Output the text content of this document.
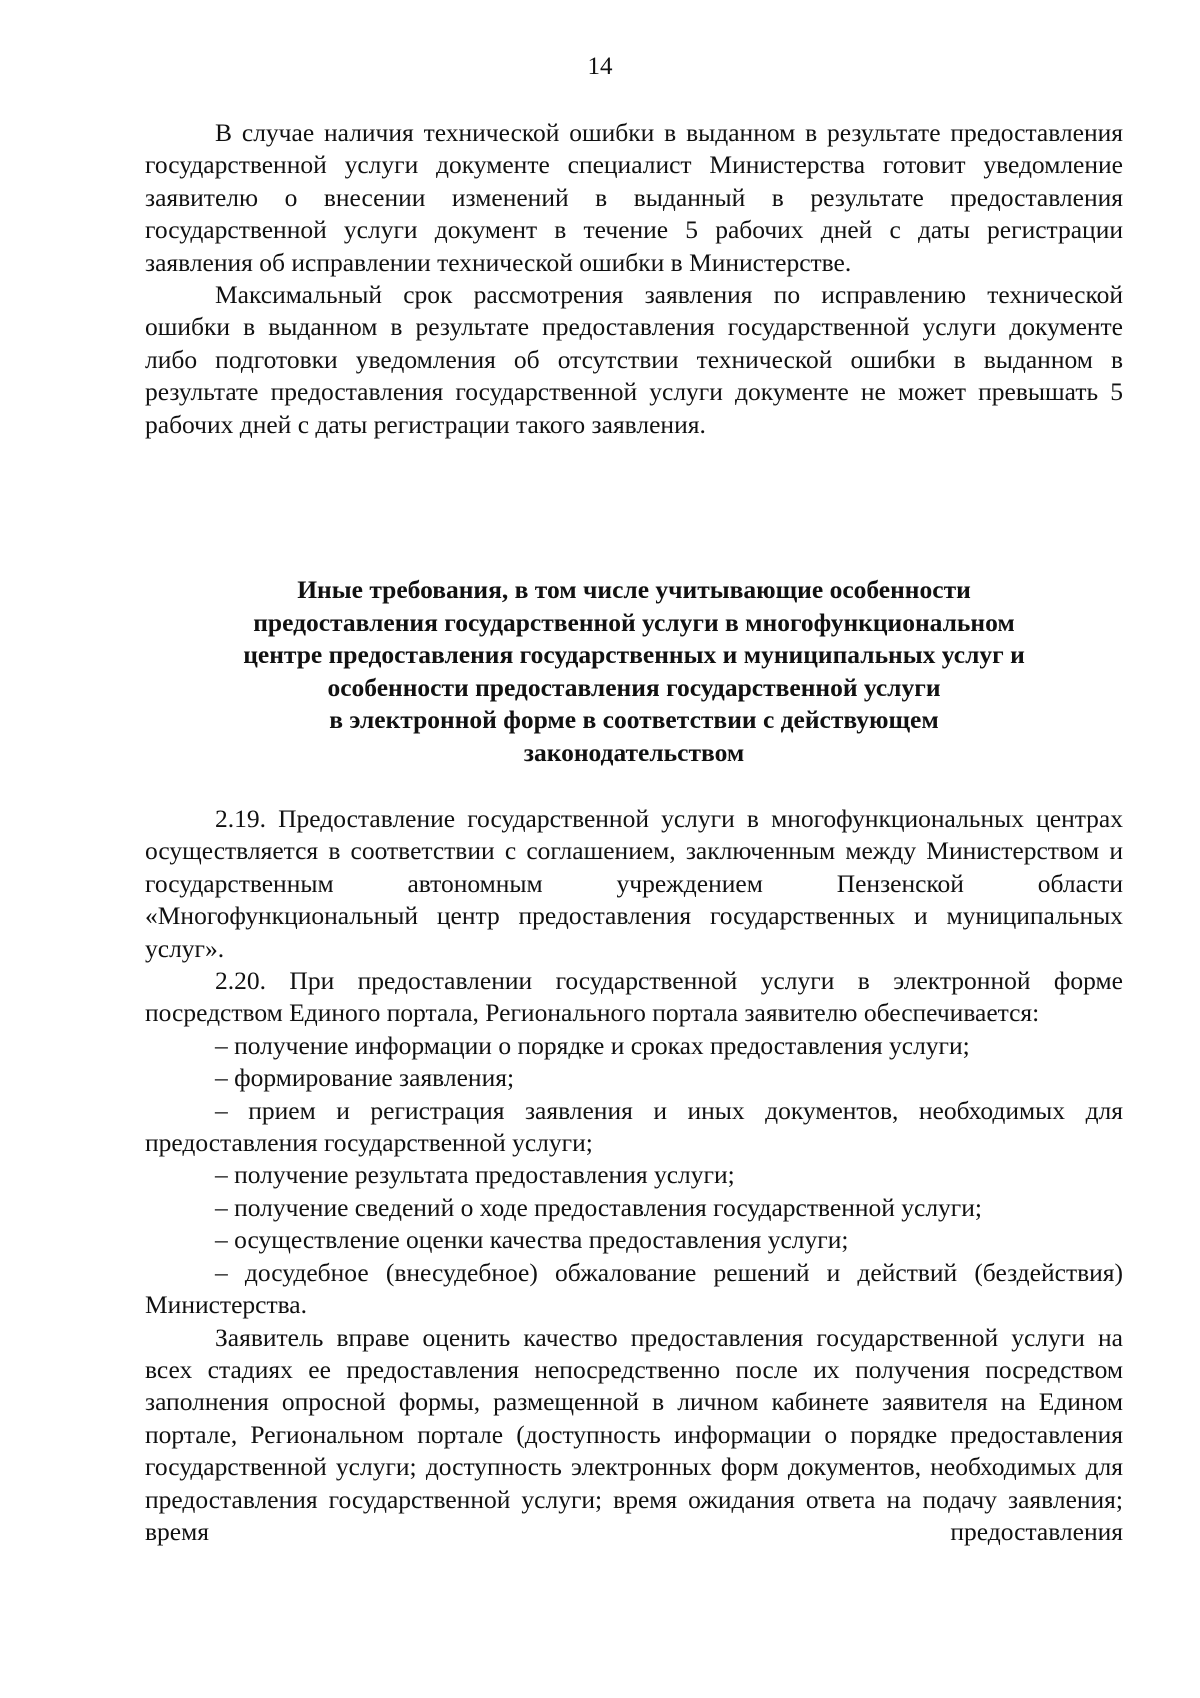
14

В случае наличия технической ошибки в выданном в результате предоставления государственной услуги документе специалист Министерства готовит уведомление заявителю о внесении изменений в выданный в результате предоставления государственной услуги документ в течение 5 рабочих дней с даты регистрации заявления об исправлении технической ошибки в Министерстве.

Максимальный срок рассмотрения заявления по исправлению технической ошибки в выданном в результате предоставления государственной услуги документе либо подготовки уведомления об отсутствии технической ошибки в выданном в результате предоставления государственной услуги документе не может превышать 5 рабочих дней с даты регистрации такого заявления.

Иные требования, в том числе учитывающие особенности
предоставления государственной услуги в многофункциональном
центре предоставления государственных и муниципальных услуг и
особенности предоставления государственной услуги
в электронной форме в соответствии с действующем
законодательством

2.19. Предоставление государственной услуги в многофункциональных центрах осуществляется в соответствии с соглашением, заключенным между Министерством и государственным автономным учреждением Пензенской области «Многофункциональный центр предоставления государственных и муниципальных услуг».

2.20. При предоставлении государственной услуги в электронной форме посредством Единого портала, Регионального портала заявителю обеспечивается:

– получение информации о порядке и сроках предоставления услуги;

– формирование заявления;

– прием и регистрация заявления и иных документов, необходимых для предоставления государственной услуги;

– получение результата предоставления услуги;

– получение сведений о ходе предоставления государственной услуги;

– осуществление оценки качества предоставления услуги;

– досудебное (внесудебное) обжалование решений и действий (бездействия) Министерства.

Заявитель вправе оценить качество предоставления государственной услуги на всех стадиях ее предоставления непосредственно после их получения посредством заполнения опросной формы, размещенной в личном кабинете заявителя на Едином портале, Региональном портале (доступность информации о порядке предоставления государственной услуги; доступность электронных форм документов, необходимых для предоставления государственной услуги; время ожидания ответа на подачу заявления; время предоставления
